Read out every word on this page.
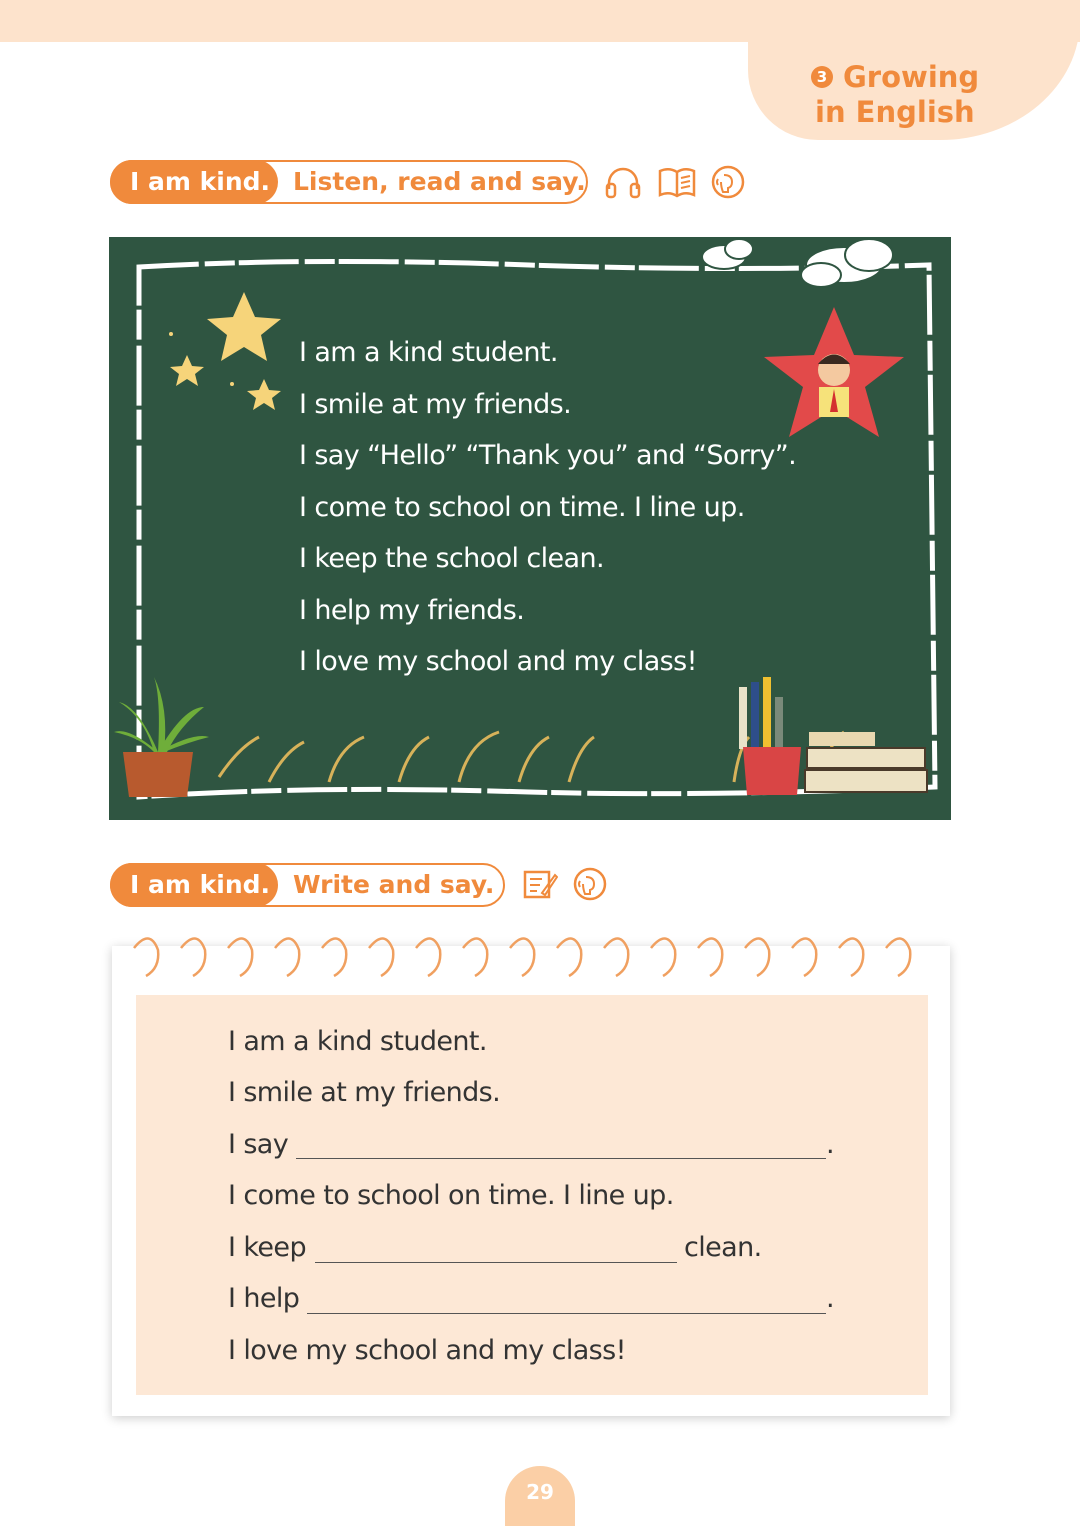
3 Growing
in English
I am kind. Listen, read and say.
I am a kind student.
I smile at my friends.
I say “Hello” “Thank you” and “Sorry”.
I come to school on time. I line up.
I keep the school clean.
I help my friends.
I love my school and my class!
I am kind. Write and say.
I am a kind student.
I smile at my friends.
I say	.
I come to school on time. I line up.
I keep	clean.
I help	.
I love my school and my class!
29
